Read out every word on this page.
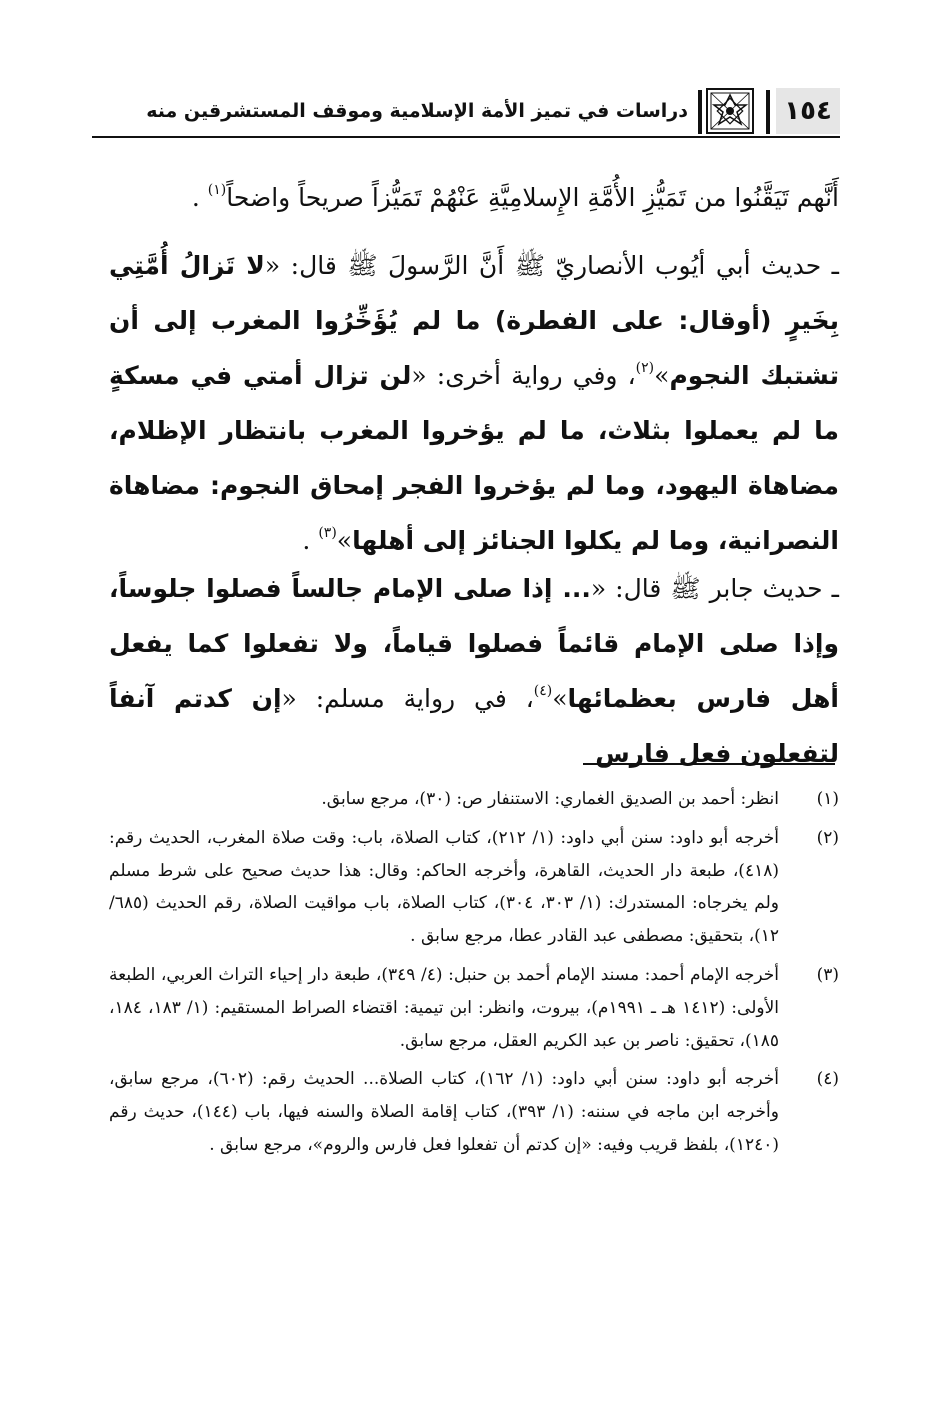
١٥٤
دراسات في تميز الأمة الإسلامية وموقف المستشرقين منه

أَنَّهم تَيَقَّنُوا من تَمَيُّزِ الأُمَّةِ الإِسلامِيَّةِ عَنْهُمْ تَمَيُّزاً صريحاً واضحاً$^{(١)}$ .

ـ حديث أبي أيُوب الأنصاريّ ﷺ أَنَّ الرَّسولَ ﷺ قال: «لا تَزالُ أُمَّتِي بِخَيرٍ (أوقال: على الفطرة) ما لم يُؤَخِّرُوا المغرب إلى أن تشتبك النجوم»$^{(٢)}$، وفي رواية أخرى: «لن تزال أمتي في مسكةٍ ما لم يعملوا بثلاث، ما لم يؤخروا المغرب بانتظار الإظلام، مضاهاة اليهود، وما لم يؤخروا الفجر إمحاق النجوم: مضاهاة النصرانية، وما لم يكلوا الجنائز إلى أهلها»$^{(٣)}$ .

ـ حديث جابر ﷺ قال: «... إذا صلى الإمام جالساً فصلوا جلوساً، وإذا صلى الإمام قائماً فصلوا قياماً، ولا تفعلوا كما يفعل أهل فارس بعظمائها»$^{(٤)}$، في رواية مسلم: «إن كدتم آنفاً لتفعلون فعل فارس

(١)
انظر: أحمد بن الصديق الغماري: الاستنفار ص: (٣٠)، مرجع سابق.
(٢)
أخرجه أبو داود: سنن أبي داود: (١/ ٢١٢)، كتاب الصلاة، باب: وقت صلاة المغرب، الحديث رقم: (٤١٨)، طبعة دار الحديث، القاهرة، وأخرجه الحاكم: وقال: هذا حديث صحيح على شرط مسلم ولم يخرجاه: المستدرك: (١/ ٣٠٣، ٣٠٤)، كتاب الصلاة، باب مواقيت الصلاة، رقم الحديث (٦٨٥/ ١٢)، بتحقيق: مصطفى عبد القادر عطا، مرجع سابق .
(٣)
أخرجه الإمام أحمد: مسند الإمام أحمد بن حنبل: (٤/ ٣٤٩)، طبعة دار إحياء التراث العربي، الطبعة الأولى: (١٤١٢ هـ ـ ١٩٩١م)، بيروت، وانظر: ابن تيمية: اقتضاء الصراط المستقيم: (١/ ١٨٣، ١٨٤، ١٨٥)، تحقيق: ناصر بن عبد الكريم العقل، مرجع سابق.
(٤)
أخرجه أبو داود: سنن أبي داود: (١/ ١٦٢)، كتاب الصلاة... الحديث رقم: (٦٠٢)، مرجع سابق، وأخرجه ابن ماجه في سننه: (١/ ٣٩٣)، كتاب إقامة الصلاة والسنه فيها، باب (١٤٤)، حديث رقم (١٢٤٠)، بلفظ قريب وفيه: «إن كدتم أن تفعلوا فعل فارس والروم»، مرجع سابق .
